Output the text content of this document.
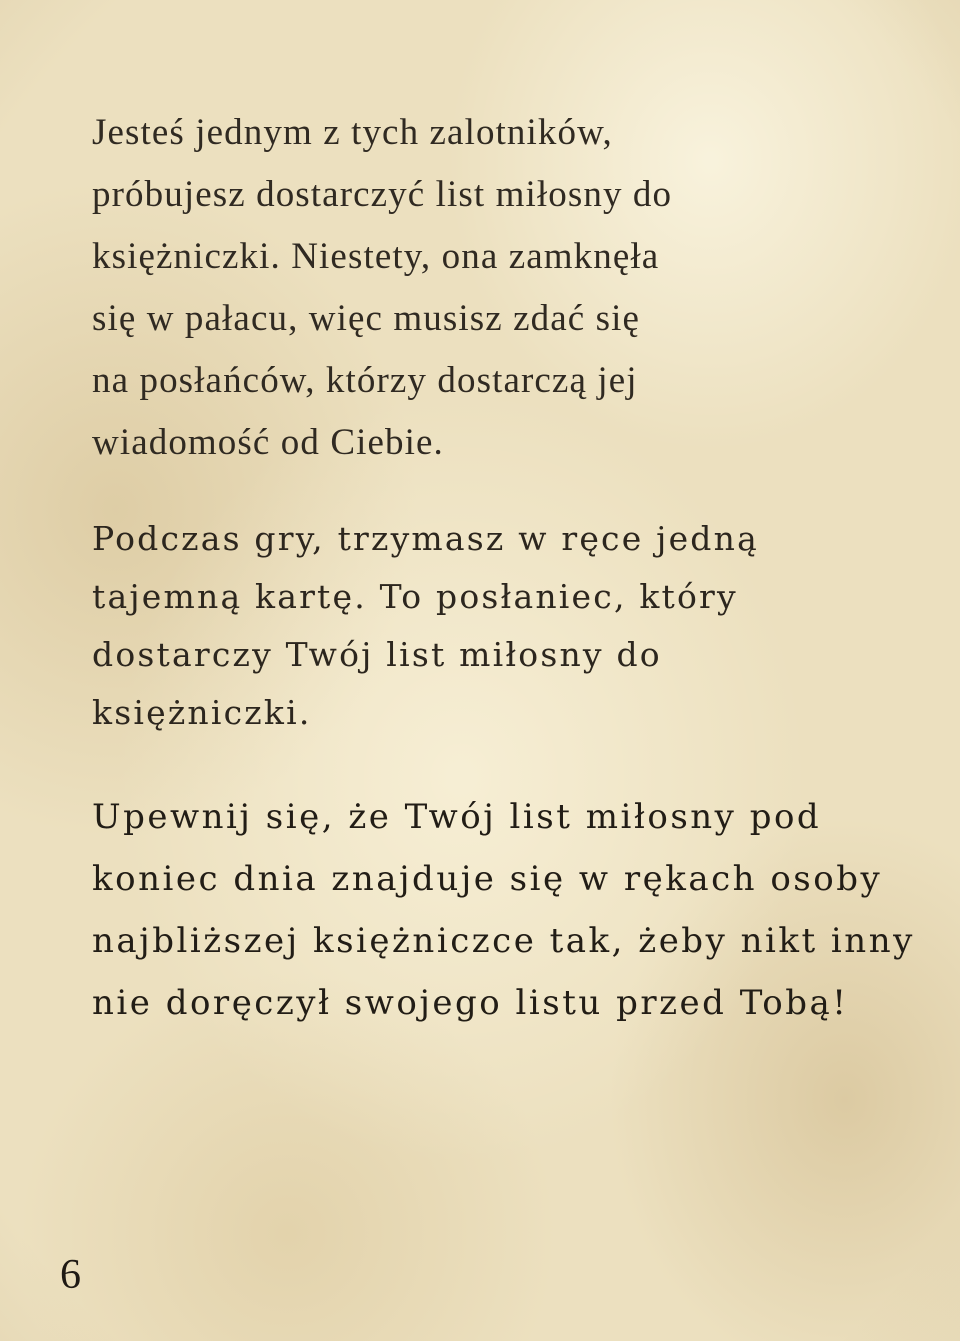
Jesteś jednym z tych zalotników,
próbujesz dostarczyć list miłosny do
księżniczki. Niestety, ona zamknęła
się w pałacu, więc musisz zdać się
na posłańców, którzy dostarczą jej
wiadomość od Ciebie.

Podczas gry, trzymasz w ręce jedną
tajemną kartę. To posłaniec, który
dostarczy Twój list miłosny do
księżniczki.

Upewnij się, że Twój list miłosny pod
koniec dnia znajduje się w rękach osoby
najbliższej księżniczce tak, żeby nikt inny
nie doręczył swojego listu przed Tobą!

6
